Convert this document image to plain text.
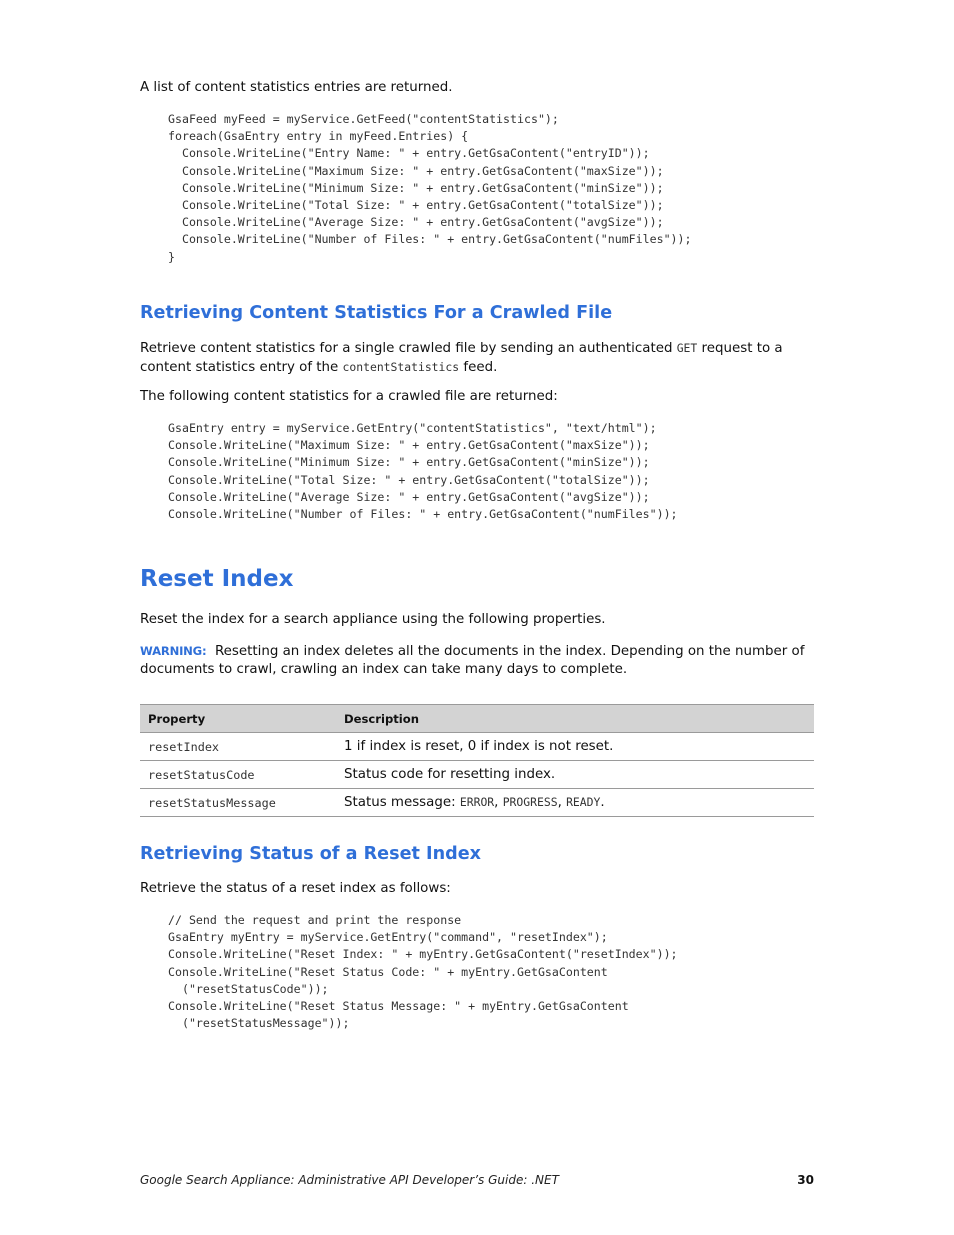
A list of content statistics entries are returned.

GsaFeed myFeed = myService.GetFeed("contentStatistics");
foreach(GsaEntry entry in myFeed.Entries) {
Console.WriteLine("Entry Name: " + entry.GetGsaContent("entryID"));
Console.WriteLine("Maximum Size: " + entry.GetGsaContent("maxSize"));
Console.WriteLine("Minimum Size: " + entry.GetGsaContent("minSize"));
Console.WriteLine("Total Size: " + entry.GetGsaContent("totalSize"));
Console.WriteLine("Average Size: " + entry.GetGsaContent("avgSize"));
Console.WriteLine("Number of Files: " + entry.GetGsaContent("numFiles"));
}
Retrieving Content Statistics For a Crawled File

Retrieve content statistics for a single crawled file by sending an authenticated GET request to a content statistics entry of the contentStatistics feed.

The following content statistics for a crawled file are returned:

GsaEntry entry = myService.GetEntry("contentStatistics", "text/html");
Console.WriteLine("Maximum Size: " + entry.GetGsaContent("maxSize"));
Console.WriteLine("Minimum Size: " + entry.GetGsaContent("minSize"));
Console.WriteLine("Total Size: " + entry.GetGsaContent("totalSize"));
Console.WriteLine("Average Size: " + entry.GetGsaContent("avgSize"));
Console.WriteLine("Number of Files: " + entry.GetGsaContent("numFiles"));
Reset Index

Reset the index for a search appliance using the following properties.

WARNING: Resetting an index deletes all the documents in the index. Depending on the number of documents to crawl, crawling an index can take many days to complete.

Property	Description
resetIndex	1 if index is reset, 0 if index is not reset.
resetStatusCode	Status code for resetting index.
resetStatusMessage	Status message: ERROR, PROGRESS, READY.
Retrieving Status of a Reset Index

Retrieve the status of a reset index as follows:

// Send the request and print the response
GsaEntry myEntry = myService.GetEntry("command", "resetIndex");
Console.WriteLine("Reset Index: " + myEntry.GetGsaContent("resetIndex"));
Console.WriteLine("Reset Status Code: " + myEntry.GetGsaContent
("resetStatusCode"));
Console.WriteLine("Reset Status Message: " + myEntry.GetGsaContent
("resetStatusMessage"));
Google Search Appliance: Administrative API Developer’s Guide: .NET	30
